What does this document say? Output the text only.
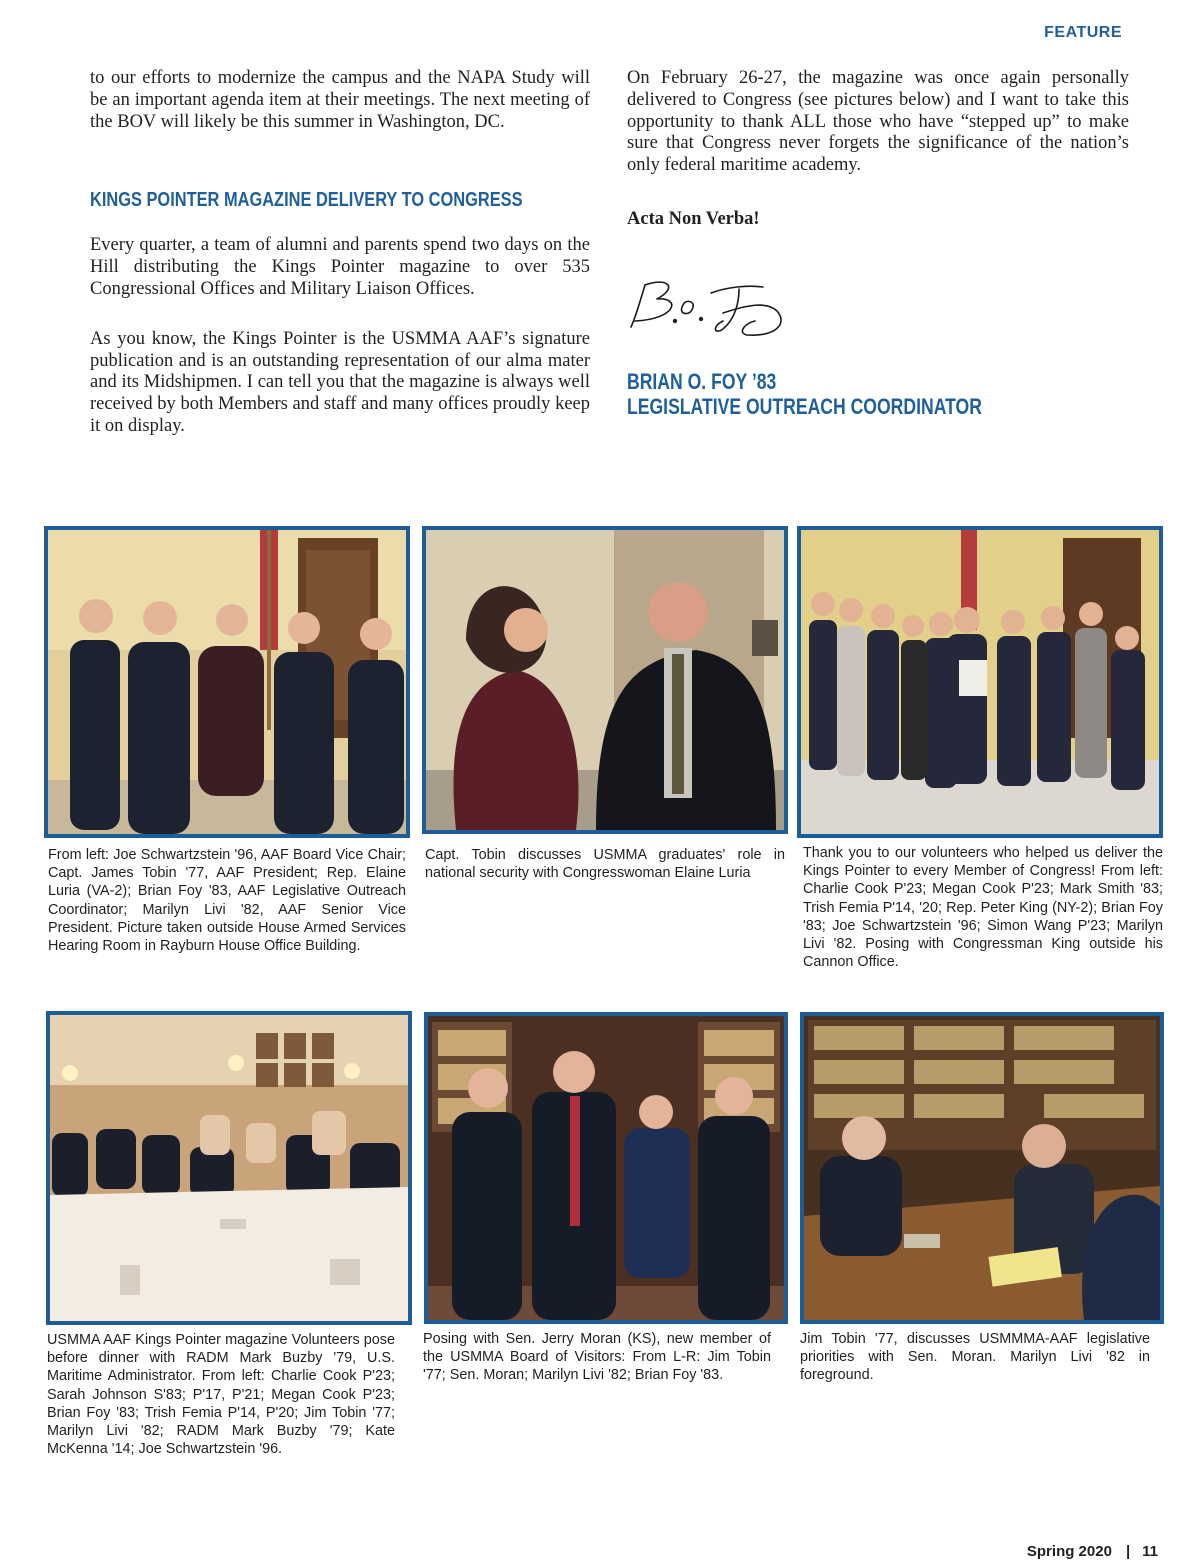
FEATURE

to our efforts to modernize the campus and the NAPA Study will be an important agenda item at their meetings. The next meeting of the BOV will likely be this summer in Washington, DC.

KINGS POINTER MAGAZINE DELIVERY TO CONGRESS

Every quarter, a team of alumni and parents spend two days on the Hill distributing the Kings Pointer magazine to over 535 Congressional Offices and Military Liaison Offices.

As you know, the Kings Pointer is the USMMA AAF’s signature publication and is an outstanding representation of our alma mater and its Midshipmen. I can tell you that the magazine is always well received by both Members and staff and many offices proudly keep it on display.

On February 26-27, the magazine was once again personally delivered to Congress (see pictures below) and I want to take this opportunity to thank ALL those who have “stepped up” to make sure that Congress never forgets the significance of the nation’s only federal maritime academy.

Acta Non Verba!

BRIAN O. FOY ’83
LEGISLATIVE OUTREACH COORDINATOR

From left: Joe Schwartzstein '96, AAF Board Vice Chair; Capt. James Tobin '77, AAF President; Rep. Elaine Luria (VA-2); Brian Foy '83, AAF Legislative Outreach Coordinator; Marilyn Livi '82, AAF Senior Vice President. Picture taken outside House Armed Services Hearing Room in Rayburn House Office Building.

Capt. Tobin discusses USMMA graduates' role in national security with Congresswoman Elaine Luria

Thank you to our volunteers who helped us deliver the Kings Pointer to every Member of Congress! From left: Charlie Cook P'23; Megan Cook P'23; Mark Smith '83; Trish Femia P'14, '20; Rep. Peter King (NY-2); Brian Foy '83; Joe Schwartzstein '96; Simon Wang P'23; Marilyn Livi '82. Posing with Congressman King outside his Cannon Office.

USMMA AAF Kings Pointer magazine Volunteers pose before dinner with RADM Mark Buzby '79, U.S. Maritime Administrator. From left: Charlie Cook P'23; Sarah Johnson S'83; P'17, P'21; Megan Cook P'23; Brian Foy '83; Trish Femia P'14, P'20; Jim Tobin '77; Marilyn Livi '82; RADM Mark Buzby '79; Kate McKenna '14; Joe Schwartzstein '96.

Posing with Sen. Jerry Moran (KS), new member of the USMMA Board of Visitors: From L-R: Jim Tobin '77; Sen. Moran; Marilyn Livi '82; Brian Foy '83.

Jim Tobin '77, discusses USMMMA-AAF legislative priorities with Sen. Moran. Marilyn Livi '82 in foreground.

Spring 2020 | 11
